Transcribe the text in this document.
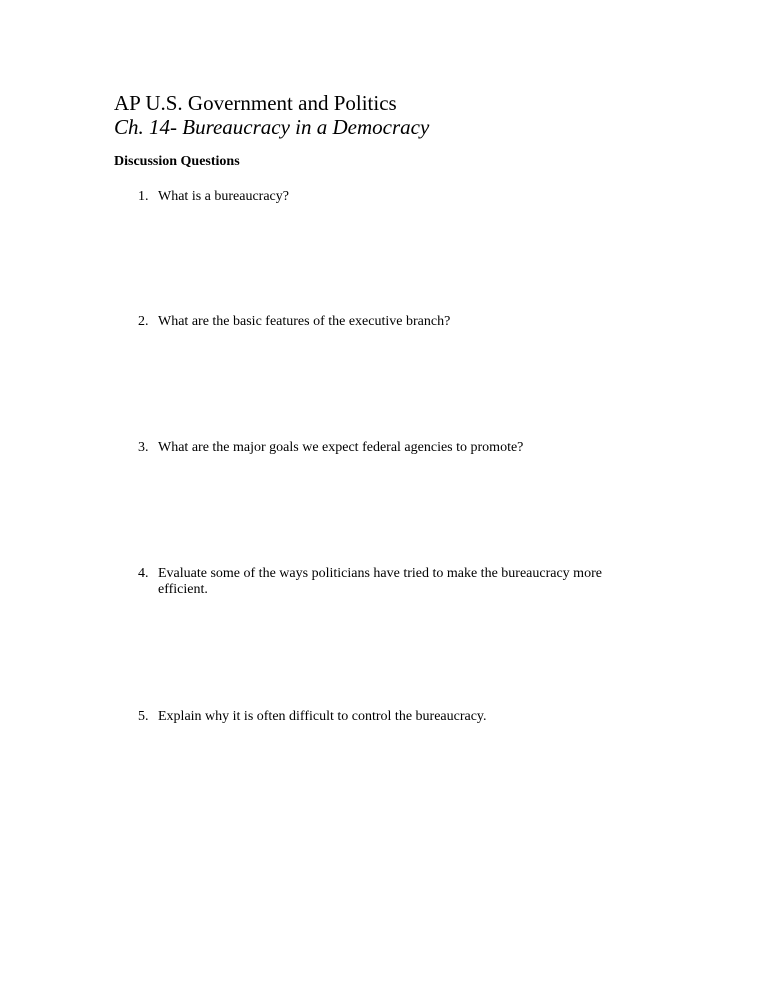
AP U.S. Government and Politics
Ch. 14- Bureaucracy in a Democracy
Discussion Questions
1. What is a bureaucracy?
2. What are the basic features of the executive branch?
3. What are the major goals we expect federal agencies to promote?
4. Evaluate some of the ways politicians have tried to make the bureaucracy more efficient.
5. Explain why it is often difficult to control the bureaucracy.
